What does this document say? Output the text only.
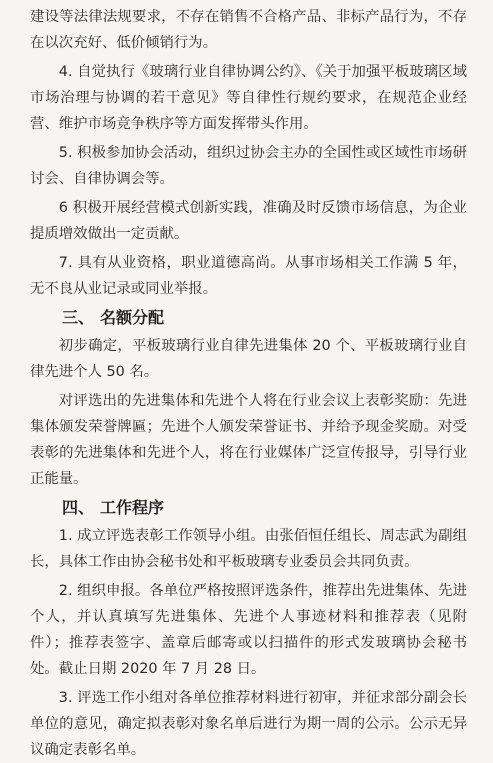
建设等法律法规要求，不存在销售不合格产品、非标产品行为，不存在以次充好、低价倾销行为。

4. 自觉执行《玻璃行业自律协调公约》、《关于加强平板玻璃区域市场治理与协调的若干意见》等自律性行规约要求，在规范企业经营、维护市场竞争秩序等方面发挥带头作用。

5. 积极参加协会活动，组织过协会主办的全国性或区域性市场研讨会、自律协调会等。

6 积极开展经营模式创新实践，准确及时反馈市场信息，为企业提质增效做出一定贡献。

7. 具有从业资格，职业道德高尚。从事市场相关工作满 5 年，无不良从业记录或同业举报。

三、 名额分配

初步确定，平板玻璃行业自律先进集体 20 个、平板玻璃行业自律先进个人 50 名。

对评选出的先进集体和先进个人将在行业会议上表彰奖励：先进集体颁发荣誉牌匾；先进个人颁发荣誉证书、并给予现金奖励。对受表彰的先进集体和先进个人，将在行业媒体广泛宣传报导，引导行业正能量。

四、 工作程序

1. 成立评选表彰工作领导小组。由张佰恒任组长、周志武为副组长，具体工作由协会秘书处和平板玻璃专业委员会共同负责。

2. 组织申报。各单位严格按照评选条件，推荐出先进集体、先进个人，并认真填写先进集体、先进个人事迹材料和推荐表（见附件）；推荐表签字、盖章后邮寄或以扫描件的形式发玻璃协会秘书处。截止日期 2020 年 7 月 28 日。

3. 评选工作小组对各单位推荐材料进行初审，并征求部分副会长单位的意见，确定拟表彰对象名单后进行为期一周的公示。公示无异议确定表彰名单。
